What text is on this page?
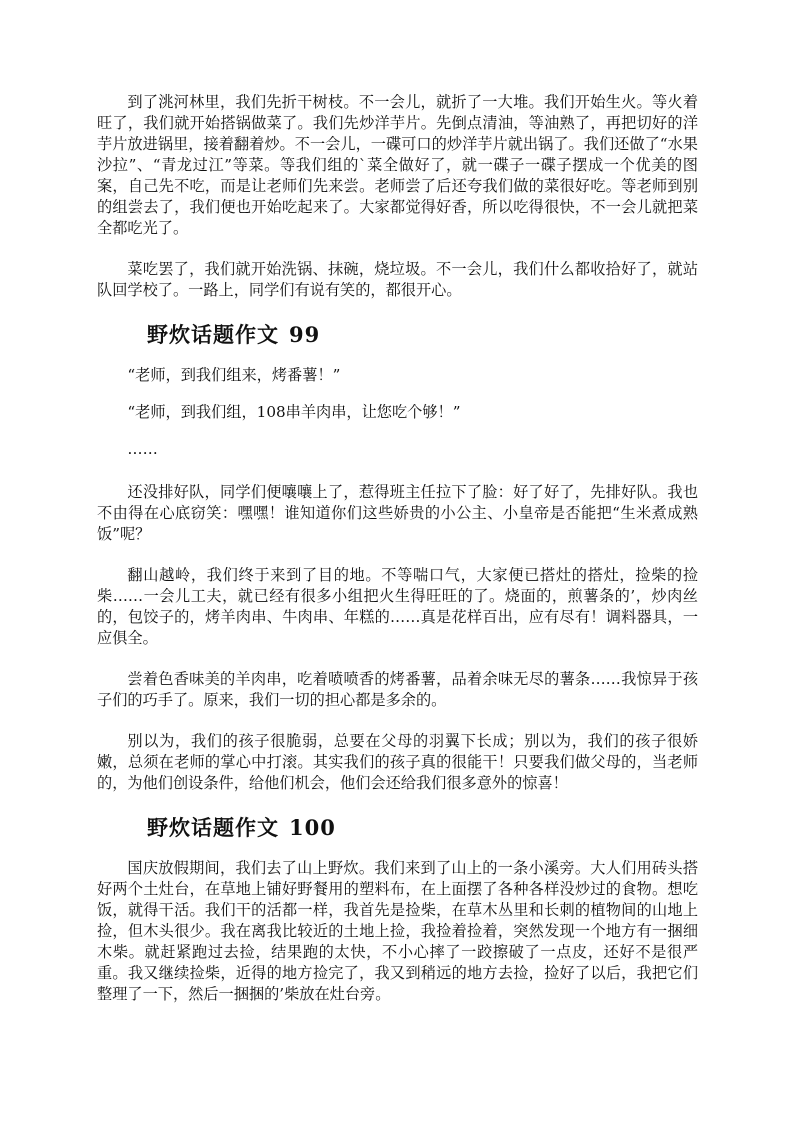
到了洮河林里，我们先折干树枝。不一会儿，就折了一大堆。我们开始生火。等火着旺了，我们就开始搭锅做菜了。我们先炒洋芋片。先倒点清油，等油熟了，再把切好的洋芋片放进锅里，接着翻着炒。不一会儿，一碟可口的炒洋芋片就出锅了。我们还做了“水果沙拉”、“青龙过江”等菜。等我们组的`菜全做好了，就一碟子一碟子摆成一个优美的图案，自己先不吃，而是让老师们先来尝。老师尝了后还夸我们做的菜很好吃。等老师到别的组尝去了，我们便也开始吃起来了。大家都觉得好香，所以吃得很快，不一会儿就把菜全都吃光了。

菜吃罢了，我们就开始洗锅、抹碗，烧垃圾。不一会儿，我们什么都收拾好了，就站队回学校了。一路上，同学们有说有笑的，都很开心。

野炊话题作文 99

“老师，到我们组来，烤番薯！”

“老师，到我们组，108串羊肉串，让您吃个够！”

……

还没排好队，同学们便嚷嚷上了，惹得班主任拉下了脸：好了好了，先排好队。我也不由得在心底窃笑：嘿嘿！谁知道你们这些娇贵的小公主、小皇帝是否能把“生米煮成熟饭”呢？

翻山越岭，我们终于来到了目的地。不等喘口气，大家便已搭灶的搭灶，捡柴的捡柴……一会儿工夫，就已经有很多小组把火生得旺旺的了。烧面的，煎薯条的’，炒肉丝的，包饺子的，烤羊肉串、牛肉串、年糕的……真是花样百出，应有尽有！调料器具，一应俱全。

尝着色香味美的羊肉串，吃着喷喷香的烤番薯，品着余味无尽的薯条……我惊异于孩子们的巧手了。原来，我们一切的担心都是多余的。

别以为，我们的孩子很脆弱，总要在父母的羽翼下长成；别以为，我们的孩子很娇嫩，总须在老师的掌心中打滚。其实我们的孩子真的很能干！只要我们做父母的，当老师的，为他们创设条件，给他们机会，他们会还给我们很多意外的惊喜！

野炊话题作文 100

国庆放假期间，我们去了山上野炊。我们来到了山上的一条小溪旁。大人们用砖头搭好两个土灶台，在草地上铺好野餐用的塑料布，在上面摆了各种各样没炒过的食物。想吃饭，就得干活。我们干的活都一样，我首先是捡柴，在草木丛里和长刺的植物间的山地上捡，但木头很少。我在离我比较近的土地上捡，我捡着捡着，突然发现一个地方有一捆细木柴。就赶紧跑过去捡，结果跑的太快，不小心摔了一跤擦破了一点皮，还好不是很严重。我又继续捡柴，近得的地方捡完了，我又到稍远的地方去捡，捡好了以后，我把它们整理了一下，然后一捆捆的’柴放在灶台旁。
